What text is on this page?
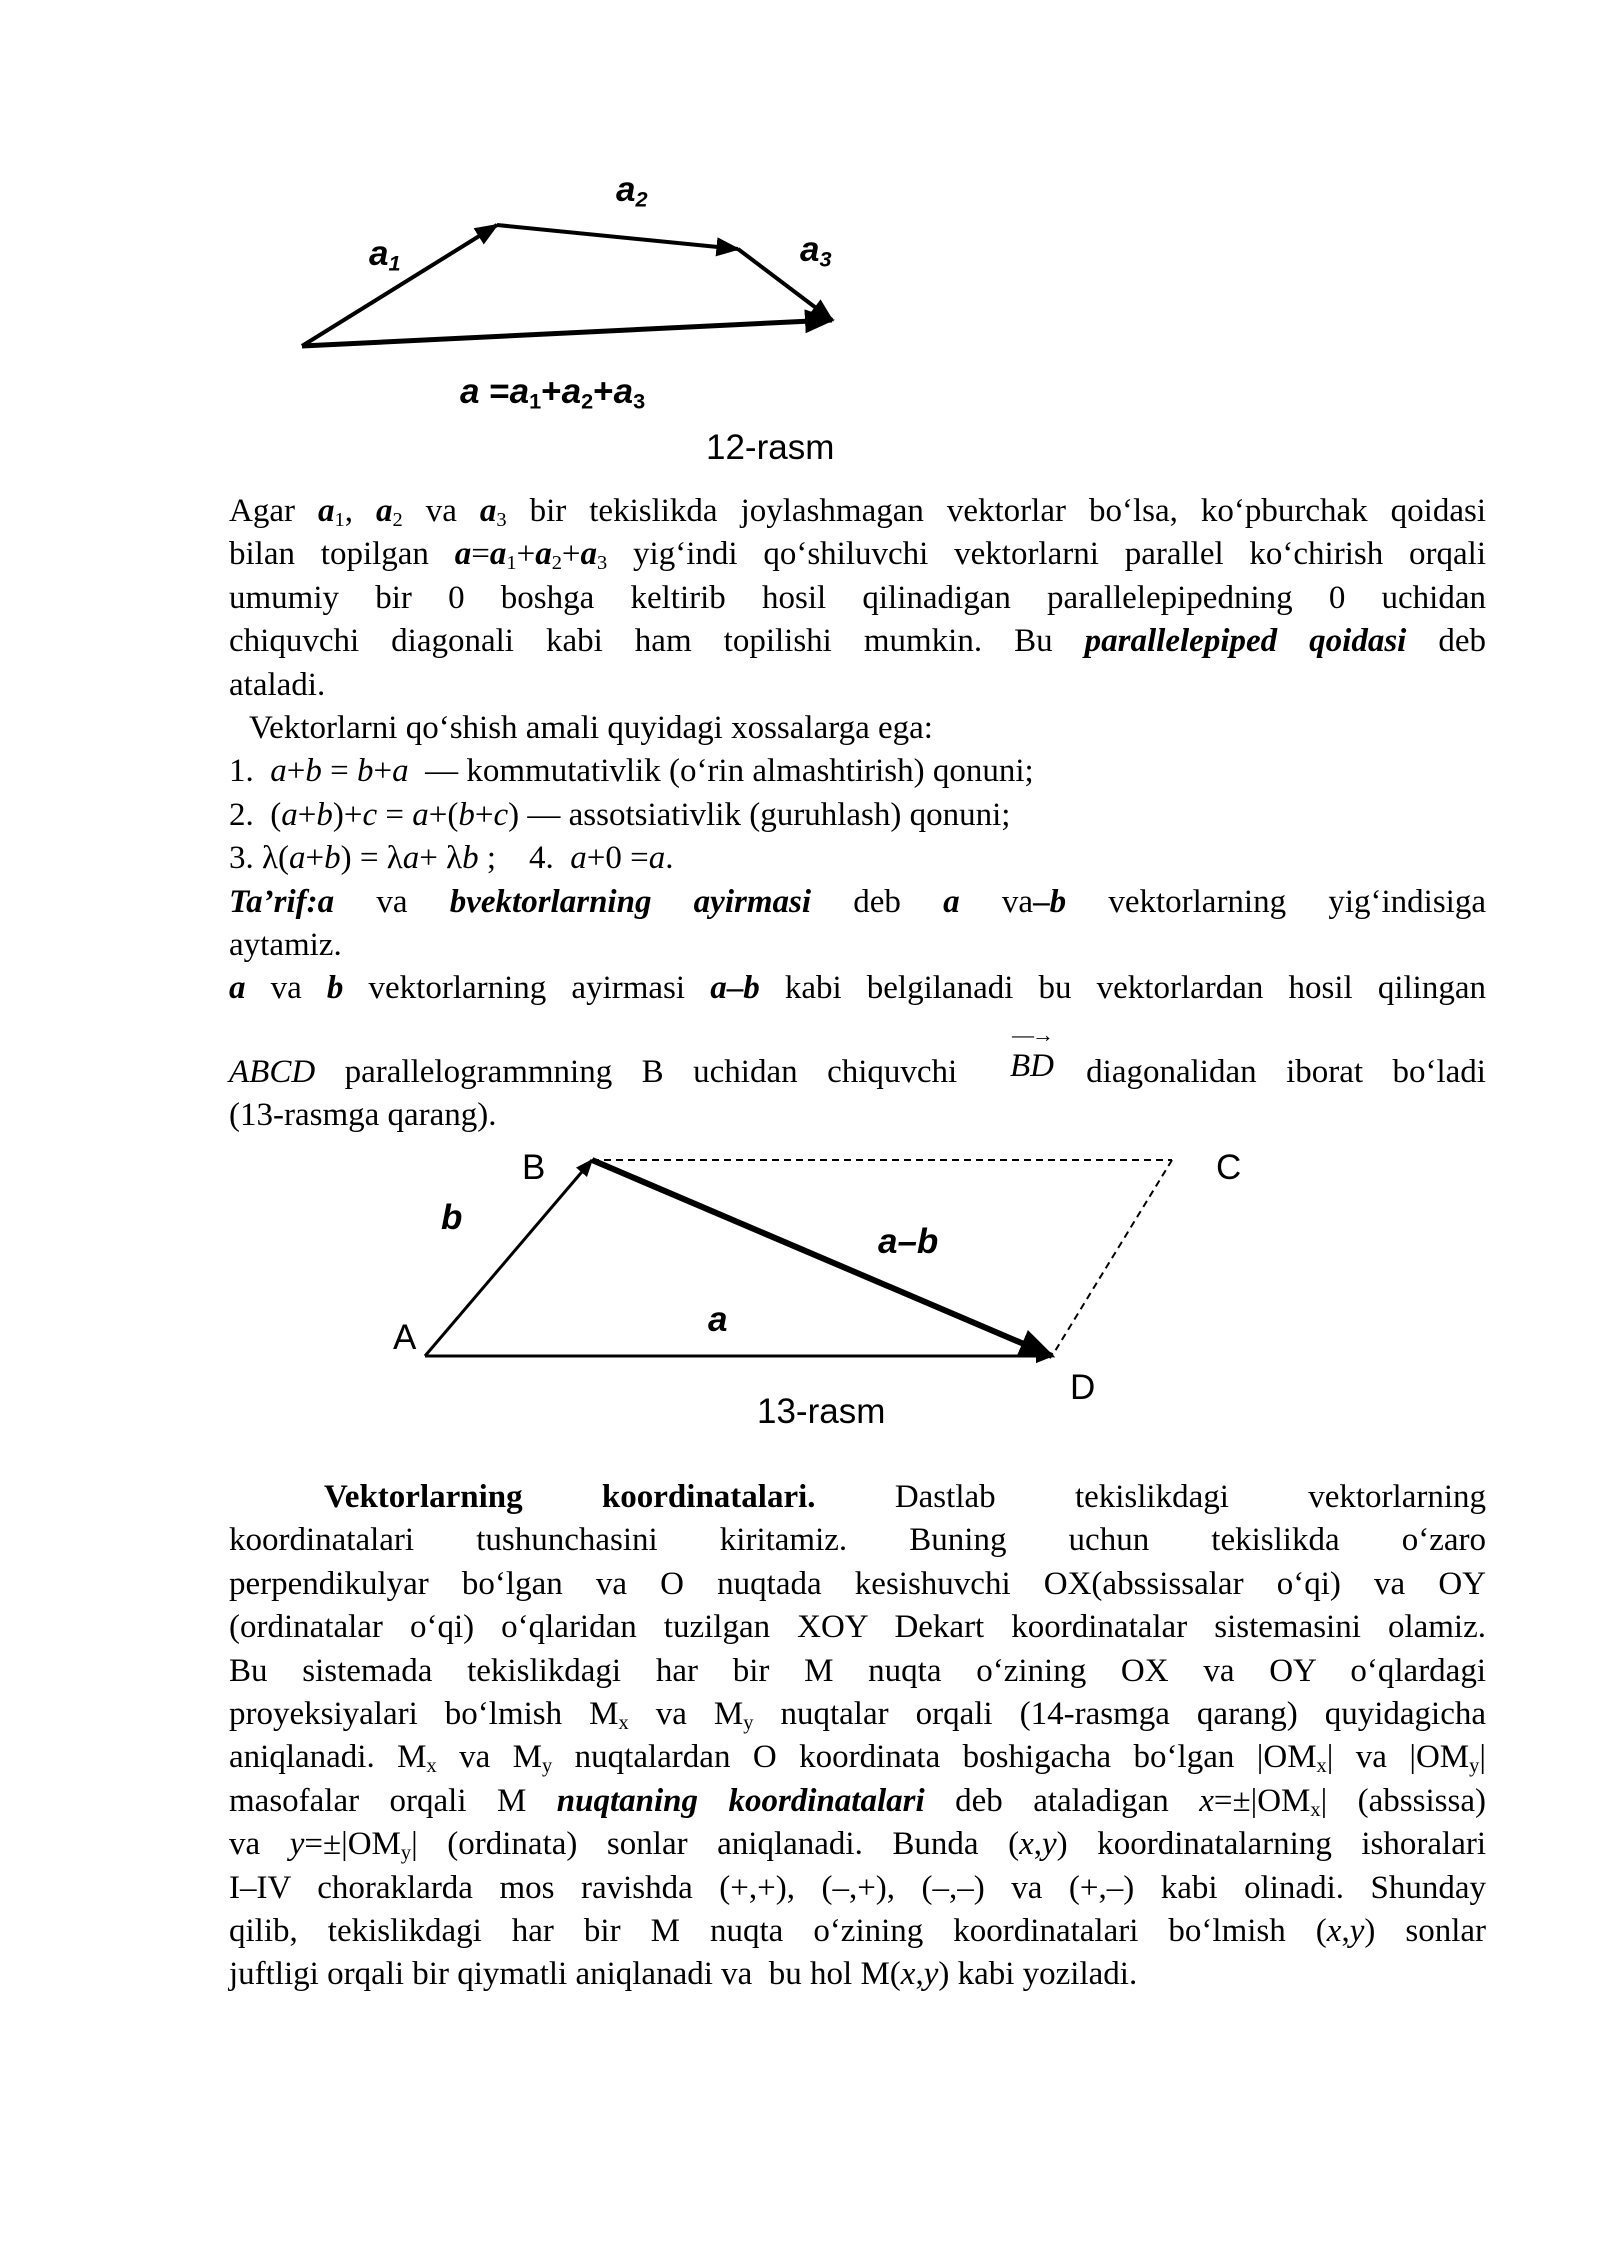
$a_2$
$a_1$	$a_3$
$a =a_1+a_2+a_3$
12-rasm
Agar $a_1$, $a_2$ va $a_3$ bir tekislikda joylashmagan vektorlar bo‘lsa, ko‘pburchak qoidasi
bilan topilgan $a=a_1+a_2+a_3$ yig‘indi qo‘shiluvchi vektorlarni parallel ko‘chirish orqali
umumiy bir 0 boshga keltirib hosil qilinadigan parallelepipedning 0 uchidan
chiquvchi diagonali kabi ham topilishi mumkin. Bu parallelepiped qoidasi deb
ataladi.
Vektorlarni qo‘shish amali quyidagi xossalarga ega:
1.  a+b = b+a  — kommutativlik (o‘rin almashtirish) qonuni;
2.  (a+b)+c = a+(b+c) — assotsiativlik (guruhlash) qonuni;
3. λ(a+b) = λa+ λb ;    4.  a+0 =a.
Ta’rif:a va bvektorlarning ayirmasi deb a va–b vektorlarning yig‘indisiga
aytamiz.
a va b vektorlarning ayirmasi a–b kabi belgilanadi bu vektorlardan hosil qilingan
ABCD parallelogrammning B uchidan chiquvchi  diagonalidan iborat bo‘ladi
(13-rasmga qarang).
—→
BD
B	C
A
D
b
a–b
a
13-rasm
Vektorlarning koordinatalari. Dastlab tekislikdagi vektorlarning
koordinatalari tushunchasini kiritamiz. Buning uchun tekislikda o‘zaro
perpendikulyar bo‘lgan va O nuqtada kesishuvchi OX(abssissalar o‘qi) va OY
(ordinatalar o‘qi) o‘qlaridan tuzilgan XOY Dekart koordinatalar sistemasini olamiz.
Bu sistemada tekislikdagi har bir M nuqta o‘zining OX va OY o‘qlardagi
proyeksiyalari bo‘lmish $M_x$ va $M_y$ nuqtalar orqali (14-rasmga qarang) quyidagicha
aniqlanadi. $M_x$ va $M_y$ nuqtalardan O koordinata boshigacha bo‘lgan $|OM_x|$ va $|OM_y|$
masofalar orqali M nuqtaning koordinatalari deb ataladigan $x=\pm|OM_x|$ (abssissa)
va $y=\pm|OM_y|$ (ordinata) sonlar aniqlanadi. Bunda (x,y) koordinatalarning ishoralari
I–IV choraklarda mos ravishda (+,+), (–,+), (–,–) va (+,–) kabi olinadi. Shunday
qilib, tekislikdagi har bir M nuqta o‘zining koordinatalari bo‘lmish (x,y) sonlar
juftligi orqali bir qiymatli aniqlanadi va  bu hol M(x,y) kabi yoziladi.
